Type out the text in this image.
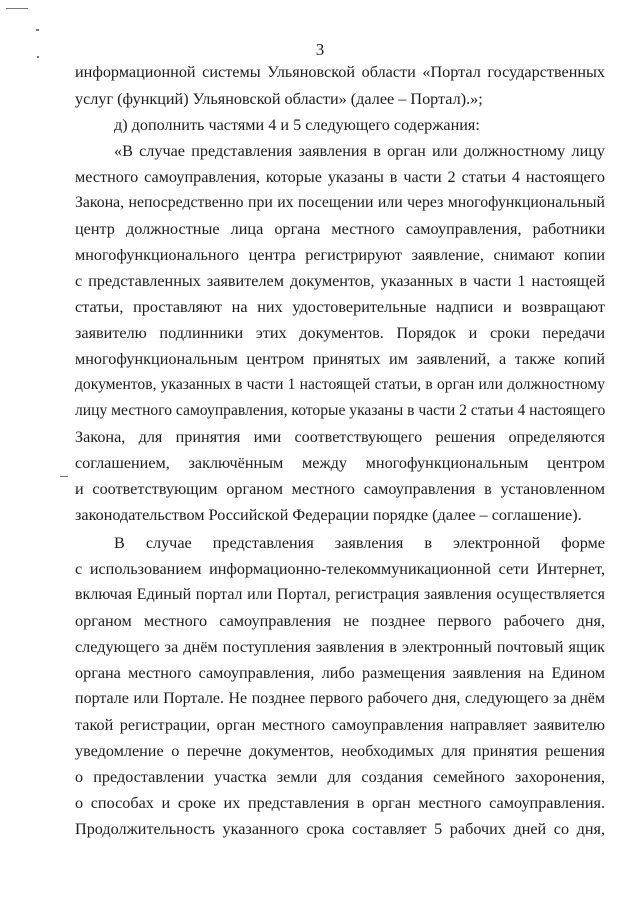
3
информационной системы Ульяновской области «Портал государственных
услуг (функций) Ульяновской области» (далее – Портал).»;
д) дополнить частями 4 и 5 следующего содержания:
«В случае представления заявления в орган или должностному лицу
местного самоуправления, которые указаны в части 2 статьи 4 настоящего
Закона, непосредственно при их посещении или через многофункциональный
центр должностные лица органа местного самоуправления, работники
многофункционального центра регистрируют заявление, снимают копии
с представленных заявителем документов, указанных в части 1 настоящей
статьи, проставляют на них удостоверительные надписи и возвращают
заявителю подлинники этих документов. Порядок и сроки передачи
многофункциональным центром принятых им заявлений, а также копий
документов, указанных в части 1 настоящей статьи, в орган или должностному
лицу местного самоуправления, которые указаны в части 2 статьи 4 настоящего
Закона, для принятия ими соответствующего решения определяются
соглашением, заключённым между многофункциональным центром
и соответствующим органом местного самоуправления в установленном
законодательством Российской Федерации порядке (далее – соглашение).
В случае представления заявления в электронной форме
с использованием информационно-телекоммуникационной сети Интернет,
включая Единый портал или Портал, регистрация заявления осуществляется
органом местного самоуправления не позднее первого рабочего дня,
следующего за днём поступления заявления в электронный почтовый ящик
органа местного самоуправления, либо размещения заявления на Едином
портале или Портале. Не позднее первого рабочего дня, следующего за днём
такой регистрации, орган местного самоуправления направляет заявителю
уведомление о перечне документов, необходимых для принятия решения
о предоставлении участка земли для создания семейного захоронения,
о способах и сроке их представления в орган местного самоуправления.
Продолжительность указанного срока составляет 5 рабочих дней со дня,
